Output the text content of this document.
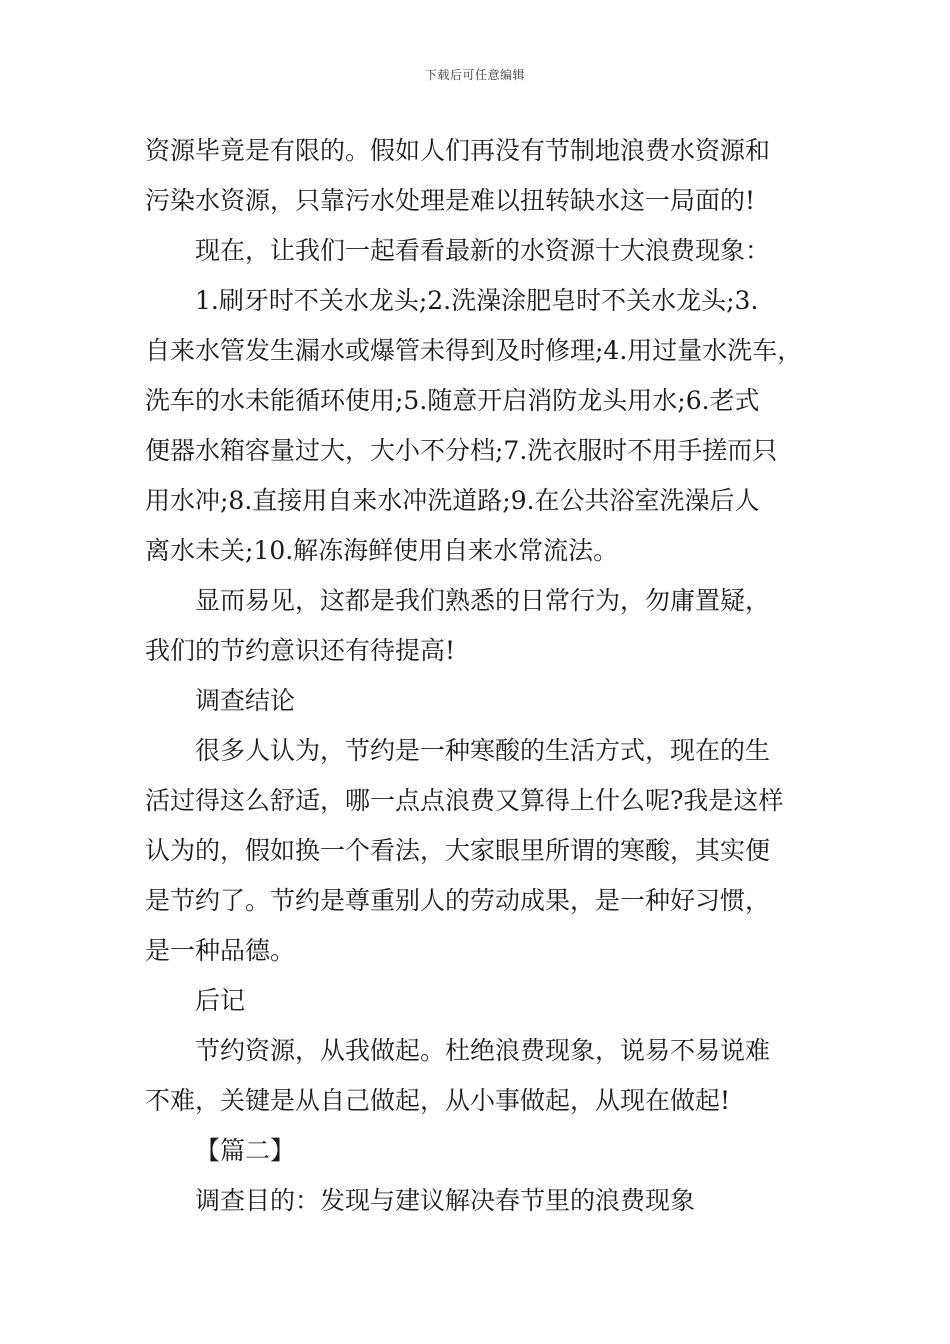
下载后可任意编辑

资源毕竟是有限的。假如人们再没有节制地浪费水资源和

污染水资源，只靠污水处理是难以扭转缺水这一局面的!

现在，让我们一起看看最新的水资源十大浪费现象：

1.刷牙时不关水龙头;2.洗澡涂肥皂时不关水龙头;3.

自来水管发生漏水或爆管未得到及时修理;4.用过量水洗车，

洗车的水未能循环使用;5.随意开启消防龙头用水;6.老式

便器水箱容量过大，大小不分档;7.洗衣服时不用手搓而只

用水冲;8.直接用自来水冲洗道路;9.在公共浴室洗澡后人

离水未关;10.解冻海鲜使用自来水常流法。

显而易见，这都是我们熟悉的日常行为，勿庸置疑，

我们的节约意识还有待提高!

调查结论

很多人认为，节约是一种寒酸的生活方式，现在的生

活过得这么舒适，哪一点点浪费又算得上什么呢?我是这样

认为的，假如换一个看法，大家眼里所谓的寒酸，其实便

是节约了。节约是尊重别人的劳动成果，是一种好习惯，

是一种品德。

后记

节约资源，从我做起。杜绝浪费现象，说易不易说难

不难，关键是从自己做起，从小事做起，从现在做起!

【篇二】

调查目的：发现与建议解决春节里的浪费现象
